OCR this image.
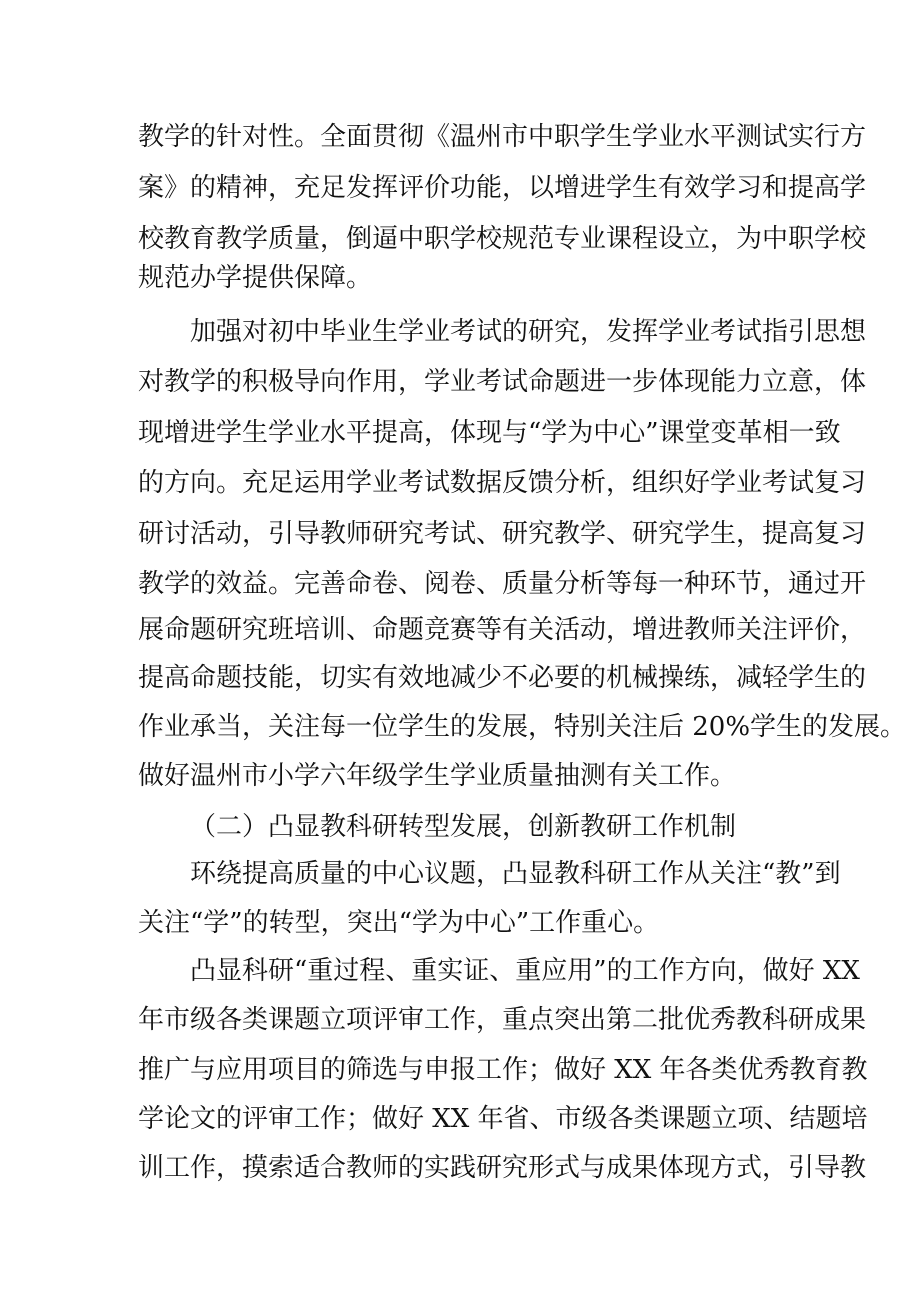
教学的针对性。全面贯彻《温州市中职学生学业水平测试实行方
案》的精神，充足发挥评价功能，以增进学生有效学习和提高学
校教育教学质量，倒逼中职学校规范专业课程设立，为中职学校
规范办学提供保障。
加强对初中毕业生学业考试的研究，发挥学业考试指引思想
对教学的积极导向作用，学业考试命题进一步体现能力立意，体
现增进学生学业水平提高，体现与“学为中心”课堂变革相一致
的方向。充足运用学业考试数据反馈分析，组织好学业考试复习
研讨活动，引导教师研究考试、研究教学、研究学生，提高复习
教学的效益。完善命卷、阅卷、质量分析等每一种环节，通过开
展命题研究班培训、命题竞赛等有关活动，增进教师关注评价，
提高命题技能，切实有效地减少不必要的机械操练，减轻学生的
作业承当，关注每一位学生的发展，特别关注后 20%学生的发展。
做好温州市小学六年级学生学业质量抽测有关工作。
（二）凸显教科研转型发展，创新教研工作机制
环绕提高质量的中心议题，凸显教科研工作从关注“教”到
关注“学”的转型，突出“学为中心”工作重心。
凸显科研“重过程、重实证、重应用”的工作方向，做好 XX
年市级各类课题立项评审工作，重点突出第二批优秀教科研成果
推广与应用项目的筛选与申报工作；做好 XX 年各类优秀教育教
学论文的评审工作；做好 XX 年省、市级各类课题立项、结题培
训工作，摸索适合教师的实践研究形式与成果体现方式，引导教
